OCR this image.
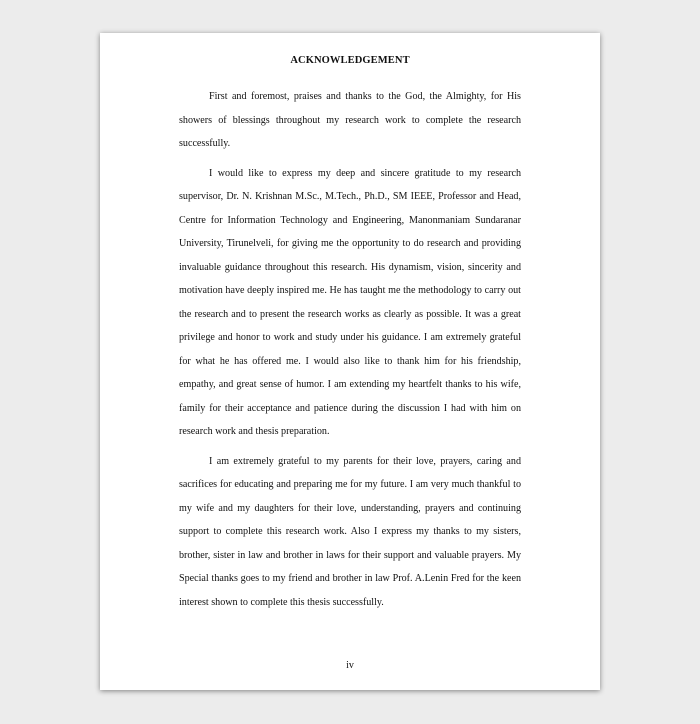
ACKNOWLEDGEMENT

First and foremost, praises and thanks to the God, the Almighty, for His showers of blessings throughout my research work to complete the research successfully.

I would like to express my deep and sincere gratitude to my research supervisor, Dr. N. Krishnan M.Sc., M.Tech., Ph.D., SM IEEE, Professor and Head, Centre for Information Technology and Engineering, Manonmaniam Sundaranar University, Tirunelveli, for giving me the opportunity to do research and providing invaluable guidance throughout this research. His dynamism, vision, sincerity and motivation have deeply inspired me. He has taught me the methodology to carry out the research and to present the research works as clearly as possible. It was a great privilege and honor to work and study under his guidance. I am extremely grateful for what he has offered me. I would also like to thank him for his friendship, empathy, and great sense of humor. I am extending my heartfelt thanks to his wife, family for their acceptance and patience during the discussion I had with him on research work and thesis preparation.

I am extremely grateful to my parents for their love, prayers, caring and sacrifices for educating and preparing me for my future. I am very much thankful to my wife and my daughters for their love, understanding, prayers and continuing support to complete this research work. Also I express my thanks to my sisters, brother, sister in law and brother in laws for their support and valuable prayers. My Special thanks goes to my friend and brother in law Prof. A.Lenin Fred for the keen interest shown to complete this thesis successfully.

iv
